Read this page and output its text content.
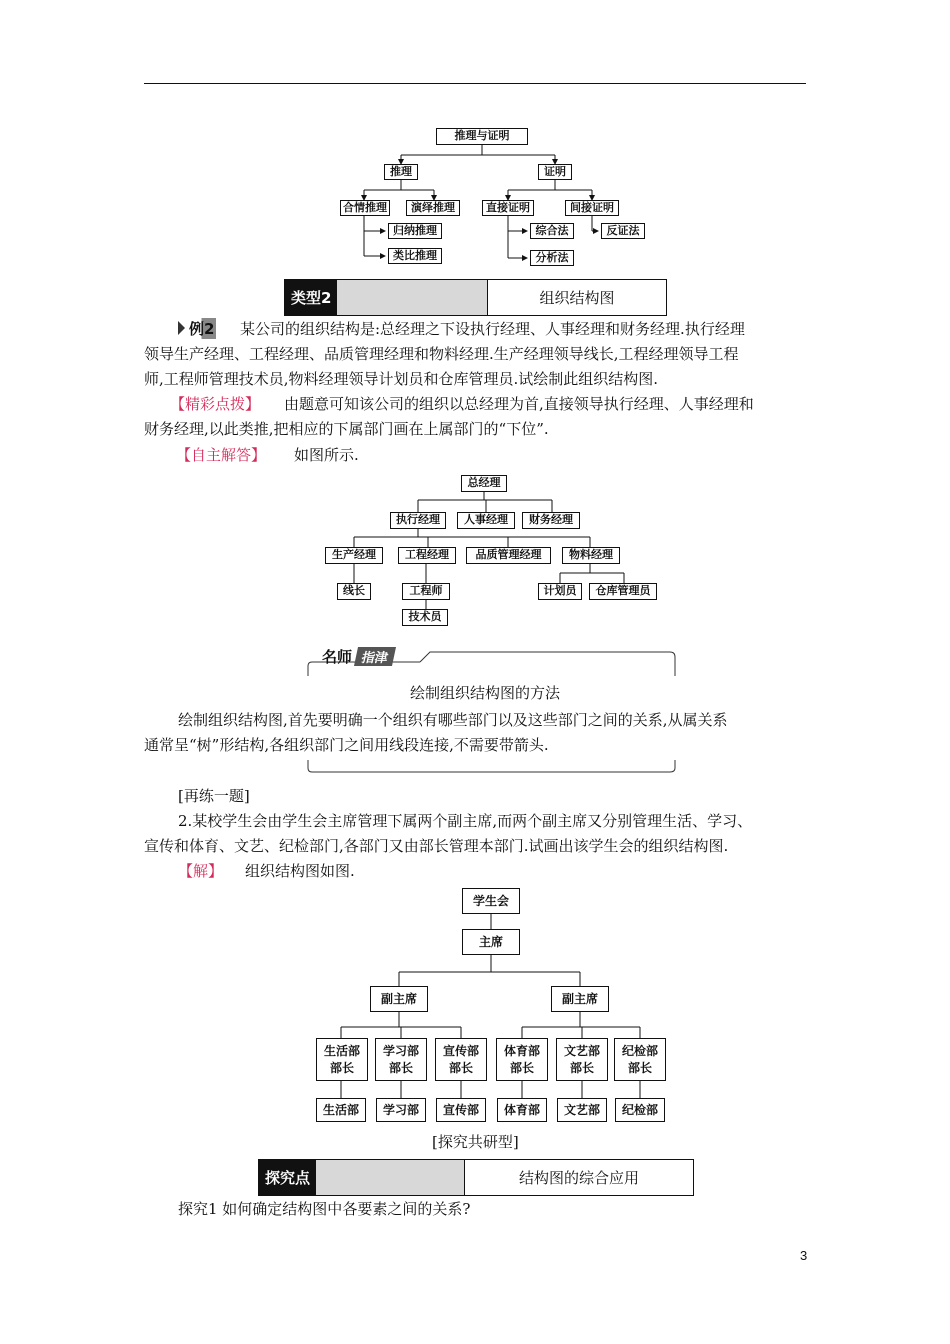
推理与证明
推理	证明
合情推理	演绎推理	直接证明	间接证明
归纳推理
类比推理
综合法
分析法
反证法
类型2	组织结构图
例2 某公司的组织结构是:总经理之下设执行经理、人事经理和财务经理.执行经理
领导生产经理、工程经理、品质管理经理和物料经理.生产经理领导线长,工程经理领导工程
师,工程师管理技术员,物料经理领导计划员和仓库管理员.试绘制此组织结构图.
【精彩点拨】 由题意可知该公司的组织以总经理为首,直接领导执行经理、人事经理和
财务经理,以此类推,把相应的下属部门画在上属部门的“下位”.
【自主解答】 如图所示.
总经理
执行经理	人事经理	财务经理
生产经理	工程经理	品质管理经理	物料经理
线长	工程师
技术员
计划员	仓库管理员
名师 指津
绘制组织结构图的方法
绘制组织结构图,首先要明确一个组织有哪些部门以及这些部门之间的关系,从属关系
通常呈“树”形结构,各组织部门之间用线段连接,不需要带箭头.
[再练一题]
2.某校学生会由学生会主席管理下属两个副主席,而两个副主席又分别管理生活、学习、
宣传和体育、文艺、纪检部门,各部门又由部长管理本部门.试画出该学生会的组织结构图.
【解】 组织结构图如图.
学生会
主席
副主席	副主席
生活部部长
学习部部长
宣传部部长
体育部部长
文艺部部长
纪检部部长
生活部	学习部	宣传部	体育部	文艺部	纪检部
[探究共研型]
探究点	结构图的综合应用
探究1 如何确定结构图中各要素之间的关系?
3
